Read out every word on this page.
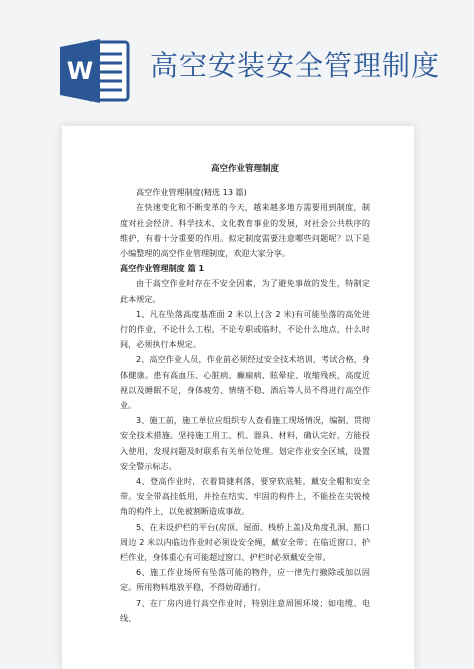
W 高空安装安全管理制度
高空作业管理制度

高空作业管理制度(精选 13 篇)

在快速变化和不断变革的今天，越来越多地方需要用到制度，制度对社会经济、科学技术、文化教育事业的发展，对社会公共秩序的维护，有着十分重要的作用。拟定制度需要注意哪些问题呢？以下是小编整理的高空作业管理制度，欢迎大家分享。

高空作业管理制度 篇 1

由于高空作业时存在不安全因素，为了避免事故的发生，特制定此本规定。

1、凡在坠落高度基准面 2 米以上(含 2 米)有可能坠落的高处进行的作业，不论什么工程，不论专职或临时，不论什么地点，什么时间，必须执行本规定。

2、高空作业人员，作业前必须经过安全技术培训，考试合格，身体健康。患有高血压、心脏病、癫痫病、眩晕症、收缩残疾，高度近视以及睡眠不足，身体疲劳、情绪不稳、酒后等人员不得进行高空作业。

3、施工前，施工单位应组织专人查看施工现场情况，编制、贯彻安全技术措施。坚持施工用工、机、器具、材料，确认完好，方能投入使用，发现问题及时联系有关单位处理。划定作业安全区域，设置安全警示标志。

4、登高作业时，衣着简捷利落，要穿软底鞋，戴安全帽和安全带。安全带高挂低用，并拴在结实、牢固的构件上，不能拴在尖锐棱角的构件上，以免被割断造成事故。

5、在未设护栏的平台(房顶、屋面、栈桥上盖)及角度孔洞、豁口周边 2 米以内临边作业时必须设安全绳，戴安全带；在临近窗口、护栏作业，身体重心有可能超过窗口、护栏时必须戴安全带。

6、施工作业场所有坠落可能的物件，应一律先行撤除或加以固定。所用物料堆放平稳，不得妨碍通行。

7、在厂房内进行高空作业时，特别注意周围环境；如电缆、电线、
